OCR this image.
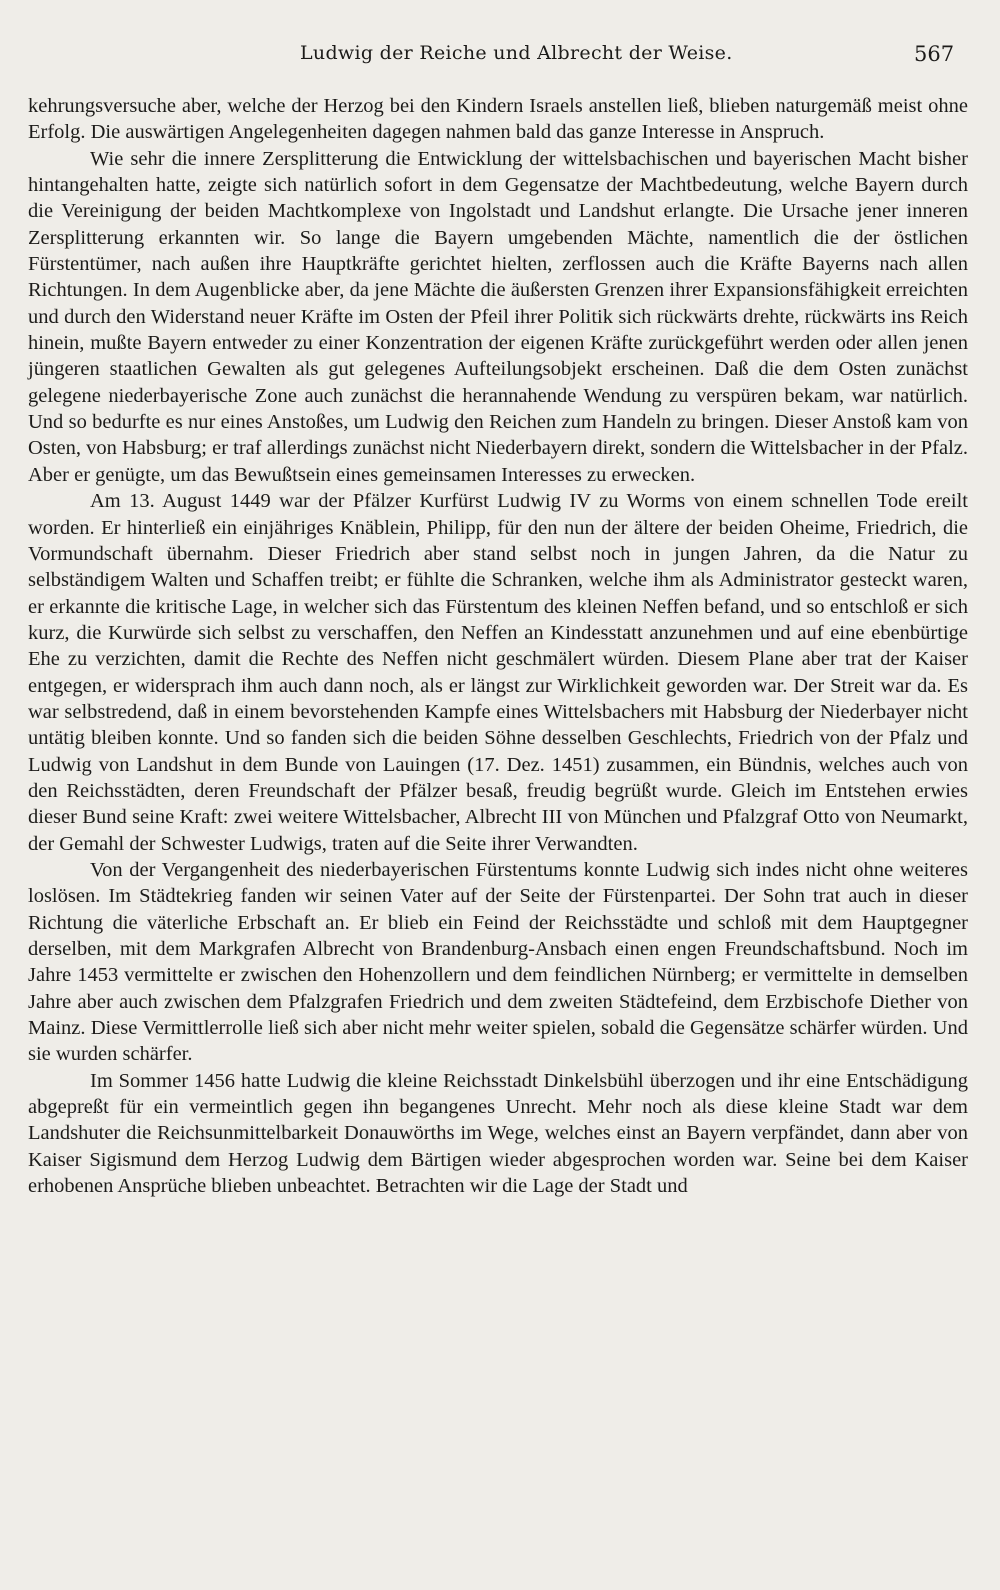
Ludwig der Reiche und Albrecht der Weise.	567

kehrungsversuche aber, welche der Herzog bei den Kindern Israels anstellen ließ, blieben naturgemäß meist ohne Erfolg. Die auswärtigen Angelegenheiten dagegen nahmen bald das ganze Interesse in Anspruch.

Wie sehr die innere Zersplitterung die Entwicklung der wittelsbachischen und bayerischen Macht bisher hintangehalten hatte, zeigte sich natürlich sofort in dem Gegensatze der Machtbedeutung, welche Bayern durch die Vereinigung der beiden Machtkomplexe von Ingolstadt und Landshut erlangte. Die Ursache jener inneren Zersplitterung erkannten wir. So lange die Bayern umgebenden Mächte, namentlich die der östlichen Fürstentümer, nach außen ihre Hauptkräfte gerichtet hielten, zerflossen auch die Kräfte Bayerns nach allen Richtungen. In dem Augenblicke aber, da jene Mächte die äußersten Grenzen ihrer Expansionsfähigkeit erreichten und durch den Widerstand neuer Kräfte im Osten der Pfeil ihrer Politik sich rückwärts drehte, rückwärts ins Reich hinein, mußte Bayern entweder zu einer Konzentration der eigenen Kräfte zurückgeführt werden oder allen jenen jüngeren staatlichen Gewalten als gut gelegenes Aufteilungsobjekt erscheinen. Daß die dem Osten zunächst gelegene niederbayerische Zone auch zunächst die herannahende Wendung zu verspüren bekam, war natürlich. Und so bedurfte es nur eines Anstoßes, um Ludwig den Reichen zum Handeln zu bringen. Dieser Anstoß kam von Osten, von Habsburg; er traf allerdings zunächst nicht Niederbayern direkt, sondern die Wittelsbacher in der Pfalz. Aber er genügte, um das Bewußtsein eines gemeinsamen Interesses zu erwecken.

Am 13. August 1449 war der Pfälzer Kurfürst Ludwig IV zu Worms von einem schnellen Tode ereilt worden. Er hinterließ ein einjähriges Knäblein, Philipp, für den nun der ältere der beiden Oheime, Friedrich, die Vormundschaft übernahm. Dieser Friedrich aber stand selbst noch in jungen Jahren, da die Natur zu selbständigem Walten und Schaffen treibt; er fühlte die Schranken, welche ihm als Administrator gesteckt waren, er erkannte die kritische Lage, in welcher sich das Fürstentum des kleinen Neffen befand, und so entschloß er sich kurz, die Kurwürde sich selbst zu verschaffen, den Neffen an Kindesstatt anzunehmen und auf eine ebenbürtige Ehe zu verzichten, damit die Rechte des Neffen nicht geschmälert würden. Diesem Plane aber trat der Kaiser entgegen, er widersprach ihm auch dann noch, als er längst zur Wirklichkeit geworden war. Der Streit war da. Es war selbstredend, daß in einem bevorstehenden Kampfe eines Wittelsbachers mit Habsburg der Niederbayer nicht untätig bleiben konnte. Und so fanden sich die beiden Söhne desselben Geschlechts, Friedrich von der Pfalz und Ludwig von Landshut in dem Bunde von Lauingen (17. Dez. 1451) zusammen, ein Bündnis, welches auch von den Reichsstädten, deren Freundschaft der Pfälzer besaß, freudig begrüßt wurde. Gleich im Entstehen erwies dieser Bund seine Kraft: zwei weitere Wittelsbacher, Albrecht III von München und Pfalzgraf Otto von Neumarkt, der Gemahl der Schwester Ludwigs, traten auf die Seite ihrer Verwandten.

Von der Vergangenheit des niederbayerischen Fürstentums konnte Ludwig sich indes nicht ohne weiteres loslösen. Im Städtekrieg fanden wir seinen Vater auf der Seite der Fürstenpartei. Der Sohn trat auch in dieser Richtung die väterliche Erbschaft an. Er blieb ein Feind der Reichsstädte und schloß mit dem Hauptgegner derselben, mit dem Markgrafen Albrecht von Brandenburg-Ansbach einen engen Freundschaftsbund. Noch im Jahre 1453 vermittelte er zwischen den Hohenzollern und dem feindlichen Nürnberg; er vermittelte in demselben Jahre aber auch zwischen dem Pfalzgrafen Friedrich und dem zweiten Städtefeind, dem Erzbischofe Diether von Mainz. Diese Vermittlerrolle ließ sich aber nicht mehr weiter spielen, sobald die Gegensätze schärfer würden. Und sie wurden schärfer.

Im Sommer 1456 hatte Ludwig die kleine Reichsstadt Dinkelsbühl überzogen und ihr eine Entschädigung abgepreßt für ein vermeintlich gegen ihn begangenes Unrecht. Mehr noch als diese kleine Stadt war dem Landshuter die Reichsunmittelbarkeit Donauwörths im Wege, welches einst an Bayern verpfändet, dann aber von Kaiser Sigismund dem Herzog Ludwig dem Bärtigen wieder abgesprochen worden war. Seine bei dem Kaiser erhobenen Ansprüche blieben unbeachtet. Betrachten wir die Lage der Stadt und
